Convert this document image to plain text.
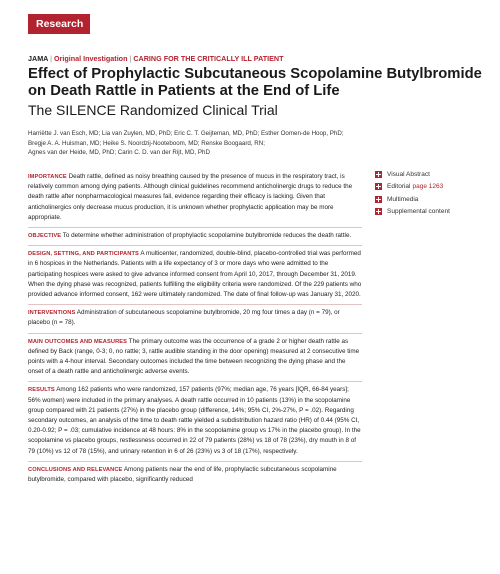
Research
JAMA | Original Investigation | CARING FOR THE CRITICALLY ILL PATIENT
Effect of Prophylactic Subcutaneous Scopolamine Butylbromide on Death Rattle in Patients at the End of Life
The SILENCE Randomized Clinical Trial
Harriëtte J. van Esch, MD; Lia van Zuylen, MD, PhD; Eric C. T. Geijteman, MD, PhD; Esther Oomen-de Hoop, PhD;
Bregje A. A. Huisman, MD; Heike S. Noordzij-Nooteboom, MD; Renske Boogaard, RN;
Agnes van der Heide, MD, PhD; Carin C. D. van der Rijt, MD, PhD
Visual Abstract
Editorial page 1263
Multimedia
Supplemental content
IMPORTANCE Death rattle, defined as noisy breathing caused by the presence of mucus in the respiratory tract, is relatively common among dying patients. Although clinical guidelines recommend anticholinergic drugs to reduce the death rattle after nonpharmacological measures fail, evidence regarding their efficacy is lacking. Given that anticholinergics only decrease mucus production, it is unknown whether prophylactic application may be more appropriate.
OBJECTIVE To determine whether administration of prophylactic scopolamine butylbromide reduces the death rattle.
DESIGN, SETTING, AND PARTICIPANTS A multicenter, randomized, double-blind, placebo-controlled trial was performed in 6 hospices in the Netherlands. Patients with a life expectancy of 3 or more days who were admitted to the participating hospices were asked to give advance informed consent from April 10, 2017, through December 31, 2019. When the dying phase was recognized, patients fulfilling the eligibility criteria were randomized. Of the 229 patients who provided advance informed consent, 162 were ultimately randomized. The date of final follow-up was January 31, 2020.
INTERVENTIONS Administration of subcutaneous scopolamine butylbromide, 20 mg four times a day (n = 79), or placebo (n = 78).
MAIN OUTCOMES AND MEASURES The primary outcome was the occurrence of a grade 2 or higher death rattle as defined by Back (range, 0-3; 0, no rattle; 3, rattle audible standing in the door opening) measured at 2 consecutive time points with a 4-hour interval. Secondary outcomes included the time between recognizing the dying phase and the onset of a death rattle and anticholinergic adverse events.
RESULTS Among 162 patients who were randomized, 157 patients (97%; median age, 76 years [IQR, 66-84 years]; 56% women) were included in the primary analyses. A death rattle occurred in 10 patients (13%) in the scopolamine group compared with 21 patients (27%) in the placebo group (difference, 14%; 95% CI, 2%-27%, P = .02). Regarding secondary outcomes, an analysis of the time to death rattle yielded a subdistribution hazard ratio (HR) of 0.44 (95% CI, 0.20-0.92; P = .03; cumulative incidence at 48 hours: 8% in the scopolamine group vs 17% in the placebo group). In the scopolamine vs placebo groups, restlessness occurred in 22 of 79 patients (28%) vs 18 of 78 (23%), dry mouth in 8 of 79 (10%) vs 12 of 78 (15%), and urinary retention in 6 of 26 (23%) vs 3 of 18 (17%), respectively.
CONCLUSIONS AND RELEVANCE Among patients near the end of life, prophylactic subcutaneous scopolamine butylbromide, compared with placebo, significantly reduced
